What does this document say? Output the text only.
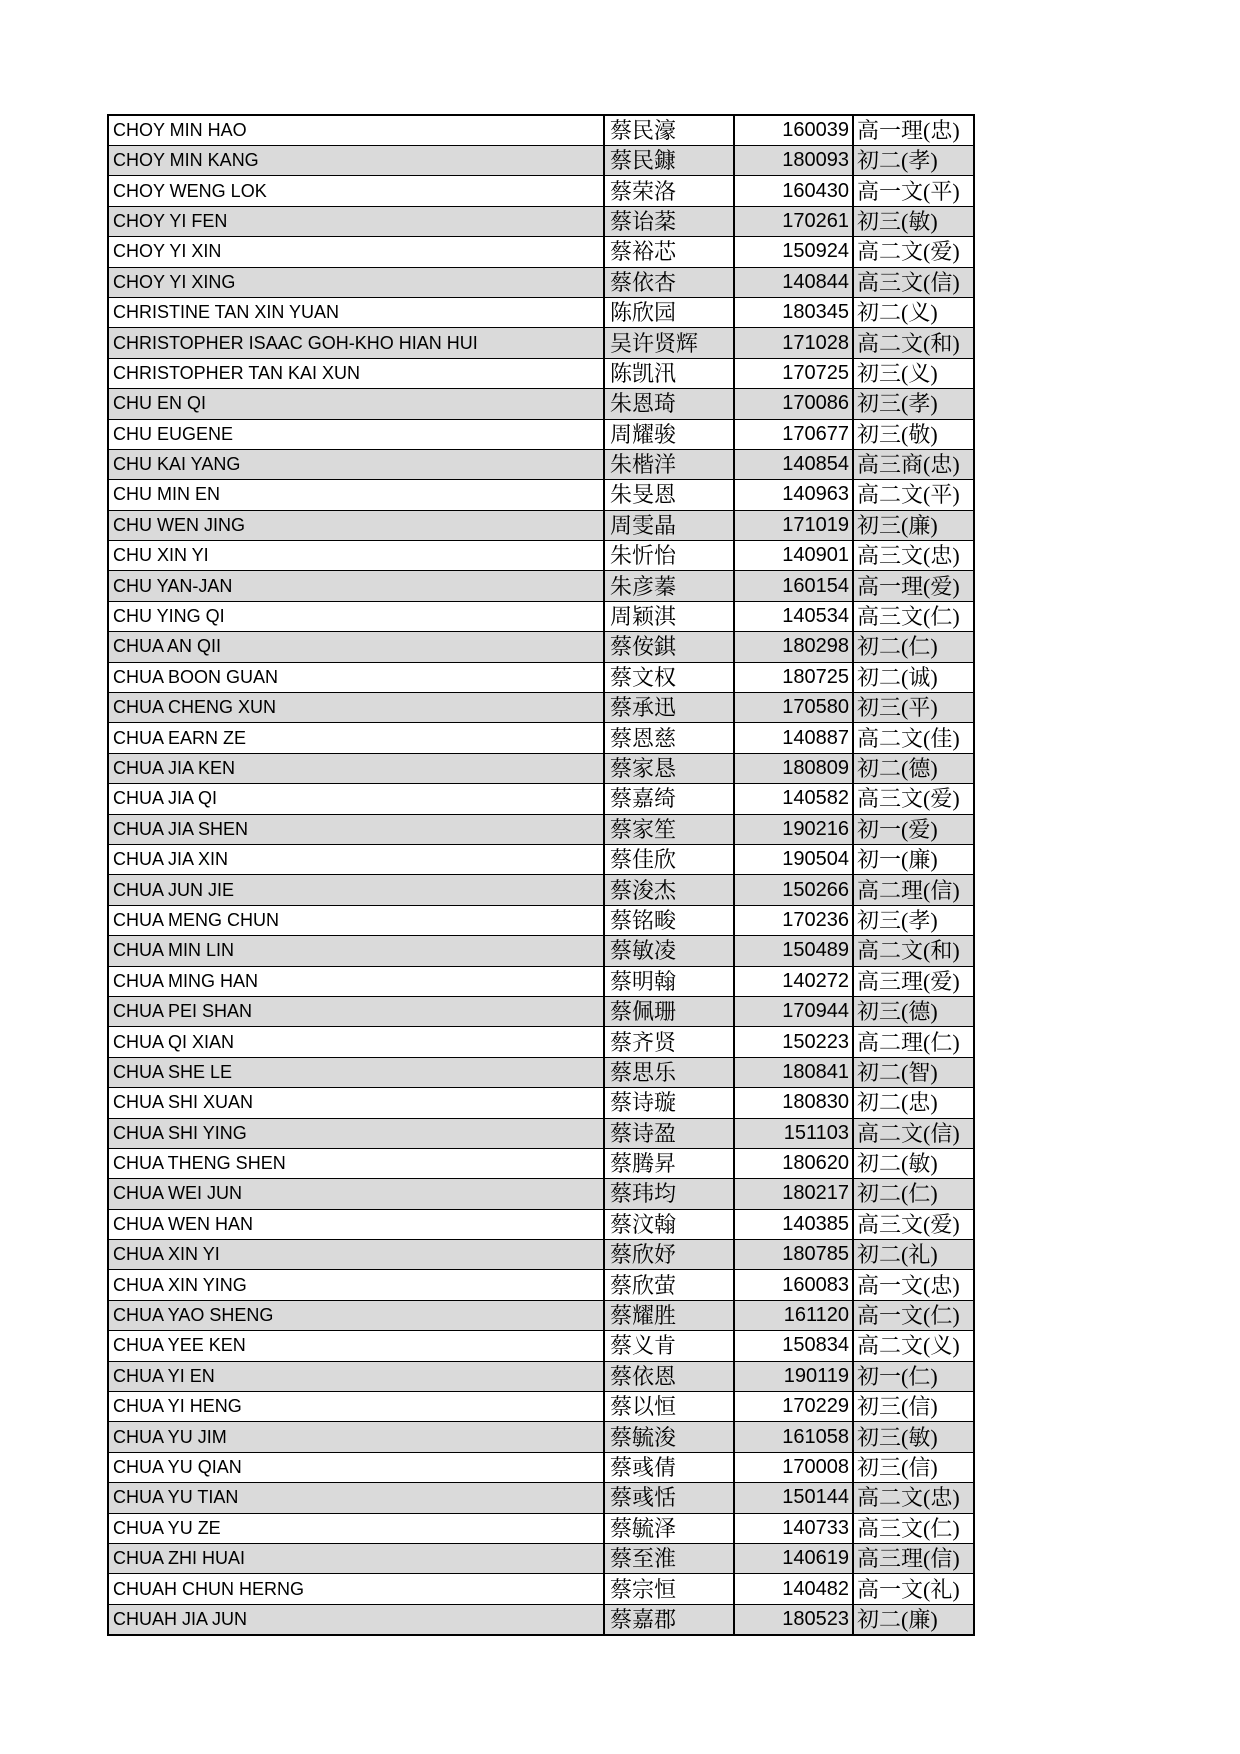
CHOY MIN HAO	蔡民濠	160039	高一理(忠)
CHOY MIN KANG	蔡民鏮	180093	初二(孝)
CHOY WENG LOK	蔡荣洛	160430	高一文(平)
CHOY YI FEN	蔡诒棻	170261	初三(敏)
CHOY YI XIN	蔡裕芯	150924	高二文(爱)
CHOY YI XING	蔡依杏	140844	高三文(信)
CHRISTINE TAN XIN YUAN	陈欣园	180345	初二(义)
CHRISTOPHER ISAAC GOH-KHO HIAN HUI	吴许贤辉	171028	高二文(和)
CHRISTOPHER TAN KAI XUN	陈凯汛	170725	初三(义)
CHU EN QI	朱恩琦	170086	初三(孝)
CHU EUGENE	周耀骏	170677	初三(敬)
CHU KAI YANG	朱楷洋	140854	高三商(忠)
CHU MIN EN	朱旻恩	140963	高二文(平)
CHU WEN JING	周雯晶	171019	初三(廉)
CHU XIN YI	朱忻怡	140901	高三文(忠)
CHU YAN-JAN	朱彦蓁	160154	高一理(爱)
CHU YING QI	周颖淇	140534	高三文(仁)
CHUA AN QII	蔡侒錤	180298	初二(仁)
CHUA BOON GUAN	蔡文权	180725	初二(诚)
CHUA CHENG XUN	蔡承迅	170580	初三(平)
CHUA EARN ZE	蔡恩慈	140887	高二文(佳)
CHUA JIA KEN	蔡家恳	180809	初二(德)
CHUA JIA QI	蔡嘉绮	140582	高三文(爱)
CHUA JIA SHEN	蔡家笙	190216	初一(爱)
CHUA JIA XIN	蔡佳欣	190504	初一(廉)
CHUA JUN JIE	蔡浚杰	150266	高二理(信)
CHUA MENG CHUN	蔡铭畯	170236	初三(孝)
CHUA MIN LIN	蔡敏凌	150489	高二文(和)
CHUA MING HAN	蔡明翰	140272	高三理(爱)
CHUA PEI SHAN	蔡佩珊	170944	初三(德)
CHUA QI XIAN	蔡齐贤	150223	高二理(仁)
CHUA SHE LE	蔡思乐	180841	初二(智)
CHUA SHI XUAN	蔡诗璇	180830	初二(忠)
CHUA SHI YING	蔡诗盈	151103	高二文(信)
CHUA THENG SHEN	蔡腾昇	180620	初二(敏)
CHUA WEI JUN	蔡玮均	180217	初二(仁)
CHUA WEN HAN	蔡汶翰	140385	高三文(爱)
CHUA XIN YI	蔡欣妤	180785	初二(礼)
CHUA XIN YING	蔡欣萤	160083	高一文(忠)
CHUA YAO SHENG	蔡耀胜	161120	高一文(仁)
CHUA YEE KEN	蔡义肯	150834	高二文(义)
CHUA YI EN	蔡依恩	190119	初一(仁)
CHUA YI HENG	蔡以恒	170229	初三(信)
CHUA YU JIM	蔡毓浚	161058	初三(敏)
CHUA YU QIAN	蔡彧倩	170008	初三(信)
CHUA YU TIAN	蔡彧恬	150144	高二文(忠)
CHUA YU ZE	蔡毓泽	140733	高三文(仁)
CHUA ZHI HUAI	蔡至淮	140619	高三理(信)
CHUAH CHUN HERNG	蔡宗恒	140482	高一文(礼)
CHUAH JIA JUN	蔡嘉郡	180523	初二(廉)
